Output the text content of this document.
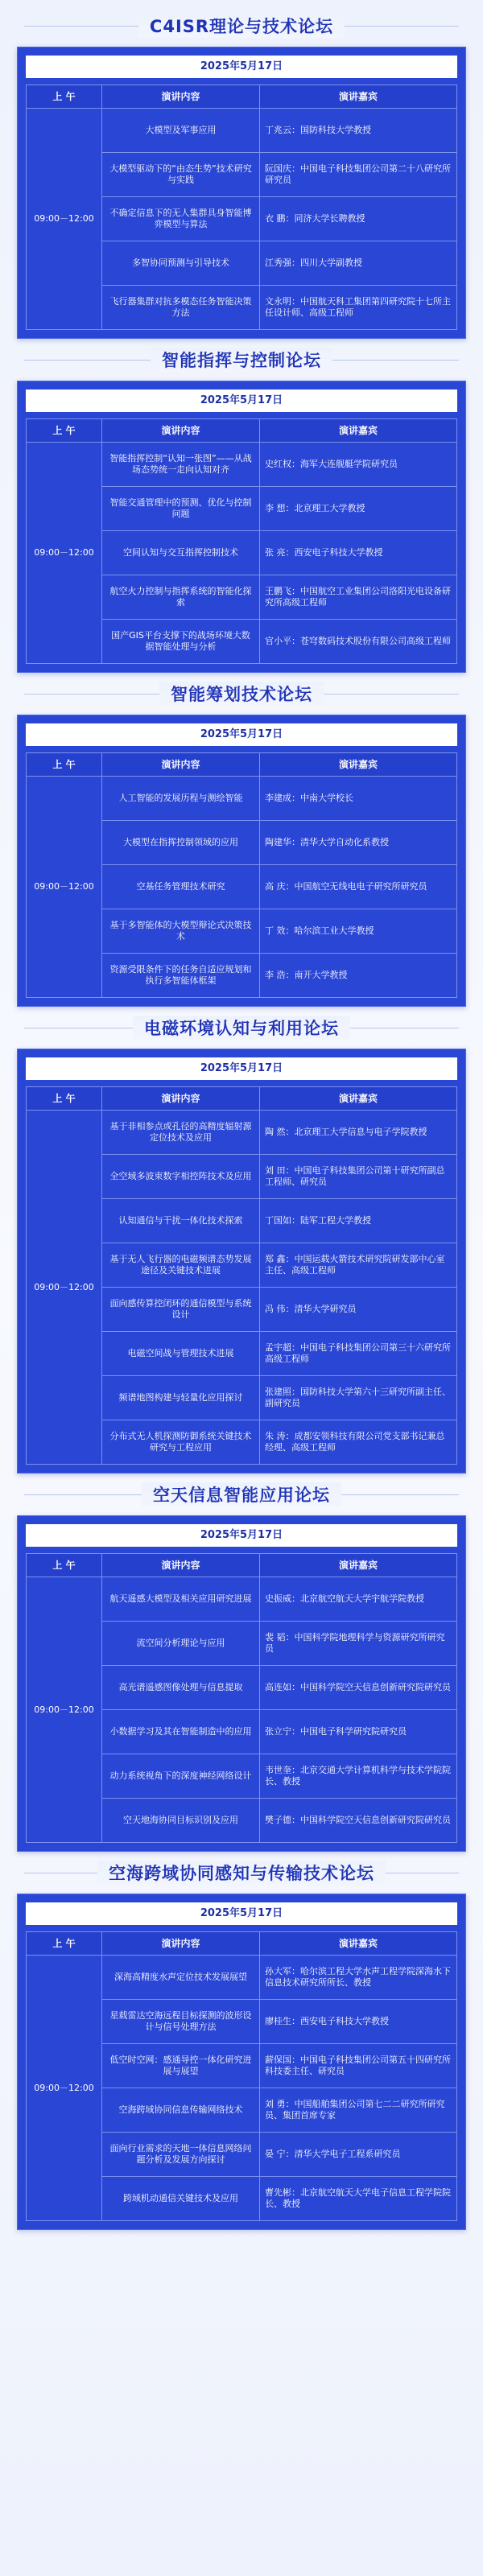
C4ISR理论与技术论坛
2025年5月17日
上 午	演讲内容	演讲嘉宾
09:00－12:00	大模型及军事应用	丁兆云：国防科技大学教授
	大模型驱动下的“由态生势”技术研究与实践	阮国庆：中国电子科技集团公司第二十八研究所研究员
	不确定信息下的无人集群具身智能博弈模型与算法	衣 鹏：同济大学长聘教授
	多智协同预测与引导技术	江秀强：四川大学副教授
	飞行器集群对抗多模态任务智能决策方法	文永明：中国航天科工集团第四研究院十七所主任设计师、高级工程师
智能指挥与控制论坛
2025年5月17日
上 午	演讲内容	演讲嘉宾
09:00－12:00	智能指挥控制“认知一张图”——从战场态势统一走向认知对齐	史红权：海军大连舰艇学院研究员
	智能交通管理中的预测、优化与控制问题	李 想：北京理工大学教授
	空间认知与交互指挥控制技术	张 亮：西安电子科技大学教授
	航空火力控制与指挥系统的智能化探索	王鹏飞：中国航空工业集团公司洛阳光电设备研究所高级工程师
	国产GIS平台支撑下的战场环境大数据智能处理与分析	官小平：苍穹数码技术股份有限公司高级工程师
智能筹划技术论坛
2025年5月17日
上 午	演讲内容	演讲嘉宾
09:00－12:00	人工智能的发展历程与测绘智能	李建成：中南大学校长
	大模型在指挥控制领域的应用	陶建华：清华大学自动化系教授
	空基任务管理技术研究	高 庆：中国航空无线电电子研究所研究员
	基于多智能体的大模型辩论式决策技术	丁 效：哈尔滨工业大学教授
	资源受限条件下的任务自适应规划和执行多智能体框架	李 浩：南开大学教授
电磁环境认知与利用论坛
2025年5月17日
上 午	演讲内容	演讲嘉宾
09:00－12:00	基于非相参点或孔径的高精度辐射源定位技术及应用	陶 然：北京理工大学信息与电子学院教授
	全空域多波束数字相控阵技术及应用	刘 田：中国电子科技集团公司第十研究所副总工程师、研究员
	认知通信与干扰一体化技术探索	丁国如：陆军工程大学教授
	基于无人飞行器的电磁频谱态势发展途径及关键技术进展	郑 鑫：中国运载火箭技术研究院研发部中心室主任、高级工程师
	面向感传算控闭环的通信模型与系统设计	冯 伟：清华大学研究员
	电磁空间战与管理技术进展	孟宇超：中国电子科技集团公司第三十六研究所高级工程师
	频谱地图构建与轻量化应用探讨	张建照：国防科技大学第六十三研究所副主任、副研究员
	分布式无人机探测防御系统关键技术研究与工程应用	朱 涛：成都安领科技有限公司党支部书记兼总经理、高级工程师
空天信息智能应用论坛
2025年5月17日
上 午	演讲内容	演讲嘉宾
09:00－12:00	航天遥感大模型及相关应用研究进展	史振威：北京航空航天大学宇航学院教授
	流空间分析理论与应用	裴 韬：中国科学院地理科学与资源研究所研究员
	高光谱遥感图像处理与信息提取	高连如：中国科学院空天信息创新研究院研究员
	小数据学习及其在智能制造中的应用	张立宁：中国电子科学研究院研究员
	动力系统视角下的深度神经网络设计	韦世奎：北京交通大学计算机科学与技术学院院长、教授
	空天地海协同目标识别及应用	樊子德：中国科学院空天信息创新研究院研究员
空海跨域协同感知与传输技术论坛
2025年5月17日
上 午	演讲内容	演讲嘉宾
09:00－12:00	深海高精度水声定位技术发展展望	孙大军：哈尔滨工程大学水声工程学院深海水下信息技术研究所所长、教授
	星载雷达空海远程目标探测的波形设计与信号处理方法	廖桂生：西安电子科技大学教授
	低空时空网：感通导控一体化研究进展与展望	薪保国：中国电子科技集团公司第五十四研究所科技委主任、研究员
	空海跨域协同信息传输网络技术	刘 勇：中国船舶集团公司第七二二研究所研究员、集团首席专家
	面向行业需求的天地一体信息网络问题分析及发展方向探讨	晏 宁：清华大学电子工程系研究员
	跨域机动通信关键技术及应用	曹先彬：北京航空航天大学电子信息工程学院院长、教授
